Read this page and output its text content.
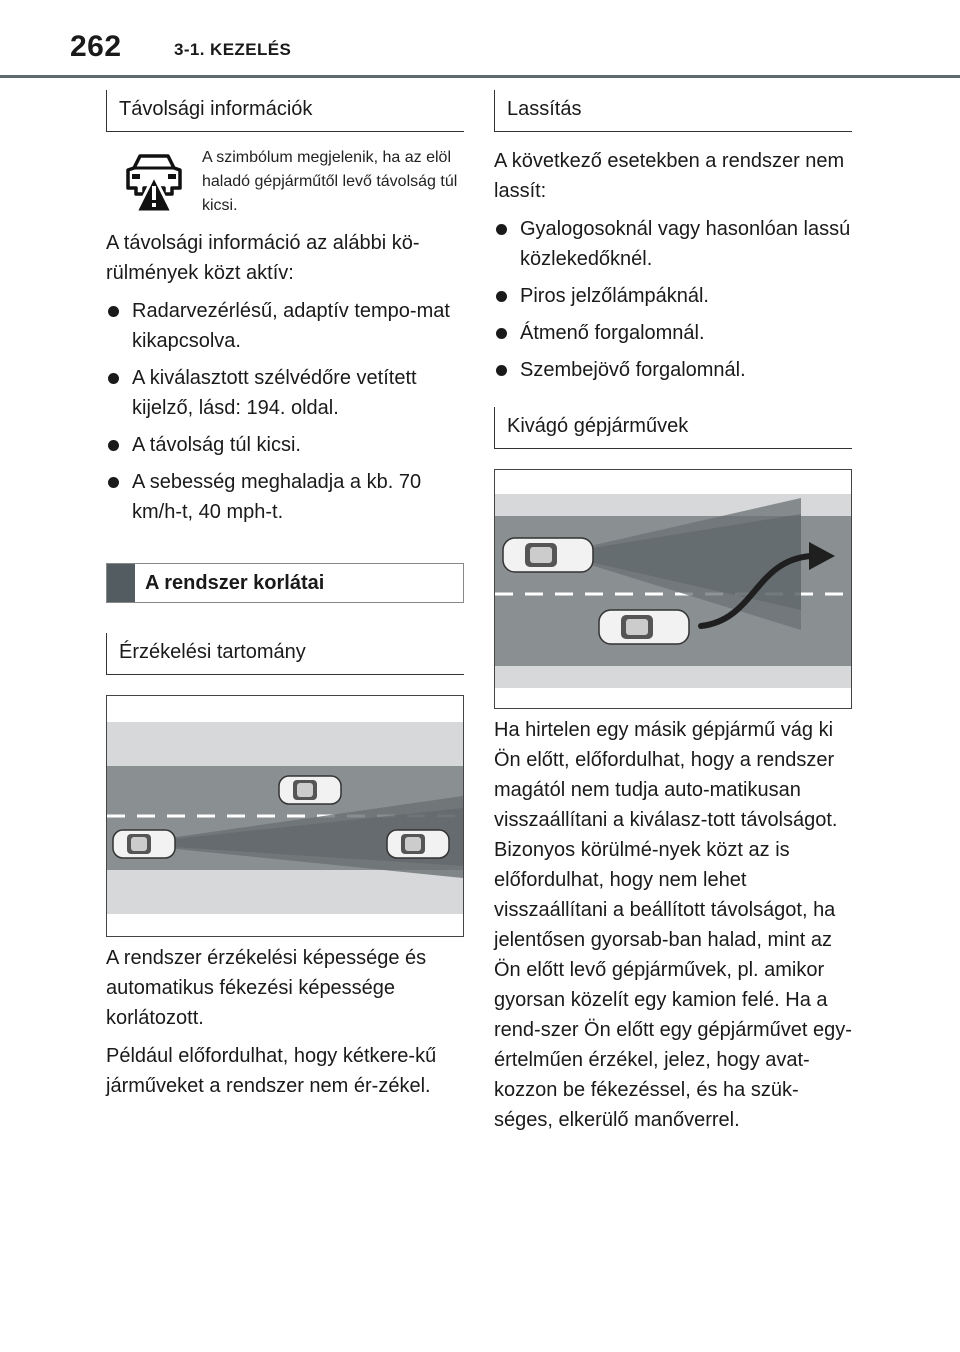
262	3-1. KEZELÉS
Távolsági információk
A szimbólum megjelenik, ha az elöl haladó gépjárműtől levő távolság túl kicsi.

A távolsági információ az alábbi kö-rülmények közt aktív:

Radarvezérlésű, adaptív tempo-mat kikapcsolva.
A kiválasztott szélvédőre vetített kijelző, lásd: 194. oldal.
A távolság túl kicsi.
A sebesség meghaladja a kb. 70 km/h-t, 40 mph-t.
A rendszer korlátai
Érzékelési tartomány

A rendszer érzékelési képessége és automatikus fékezési képessége korlátozott.

Például előfordulhat, hogy kétkere-kű járműveket a rendszer nem ér-zékel.

Lassítás

A következő esetekben a rendszer nem lassít:

Gyalogosoknál vagy hasonlóan lassú közlekedőknél.
Piros jelzőlámpáknál.
Átmenő forgalomnál.
Szembejövő forgalomnál.
Kivágó gépjárművek

Ha hirtelen egy másik gépjármű vág ki Ön előtt, előfordulhat, hogy a rendszer magától nem tudja auto-matikusan visszaállítani a kiválasz-tott távolságot. Bizonyos körülmé-nyek közt az is előfordulhat, hogy nem lehet visszaállítani a beállított távolságot, ha jelentősen gyorsab-ban halad, mint az Ön előtt levő gépjárművek, pl. amikor gyorsan közelít egy kamion felé. Ha a rend-szer Ön előtt egy gépjárművet egy-értelműen érzékel, jelez, hogy avat-kozzon be fékezéssel, és ha szük-séges, elkerülő manőverrel.
